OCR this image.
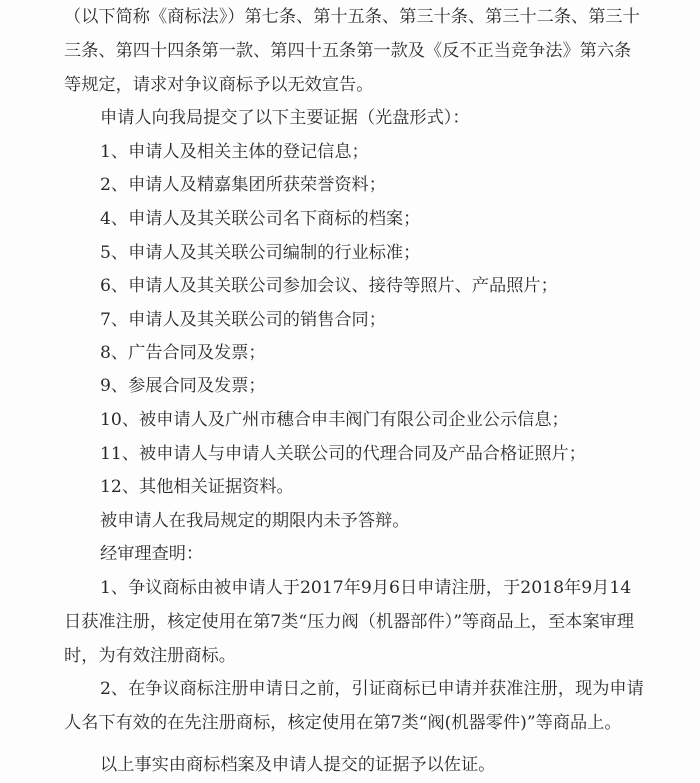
（以下简称《商标法》）第七条、第十五条、第三十条、第三十二条、第三十三条、第四十四条第一款、第四十五条第一款及《反不正当竞争法》第六条等规定，请求对争议商标予以无效宣告。

申请人向我局提交了以下主要证据（光盘形式）：

1、申请人及相关主体的登记信息；

2、申请人及精嘉集团所获荣誉资料；

4、申请人及其关联公司名下商标的档案；

5、申请人及其关联公司编制的行业标准；

6、申请人及其关联公司参加会议、接待等照片、产品照片；

7、申请人及其关联公司的销售合同；

8、广告合同及发票；

9、参展合同及发票；

10、被申请人及广州市穗合申丰阀门有限公司企业公示信息；

11、被申请人与申请人关联公司的代理合同及产品合格证照片；

12、其他相关证据资料。

被申请人在我局规定的期限内未予答辩。

经审理查明：

1、争议商标由被申请人于2017年9月6日申请注册，于2018年9月14日获准注册，核定使用在第7类“压力阀（机器部件）”等商品上，至本案审理时，为有效注册商标。

2、在争议商标注册申请日之前，引证商标已申请并获准注册，现为申请人名下有效的在先注册商标，核定使用在第7类“阀(机器零件)”等商品上。

以上事实由商标档案及申请人提交的证据予以佐证。
